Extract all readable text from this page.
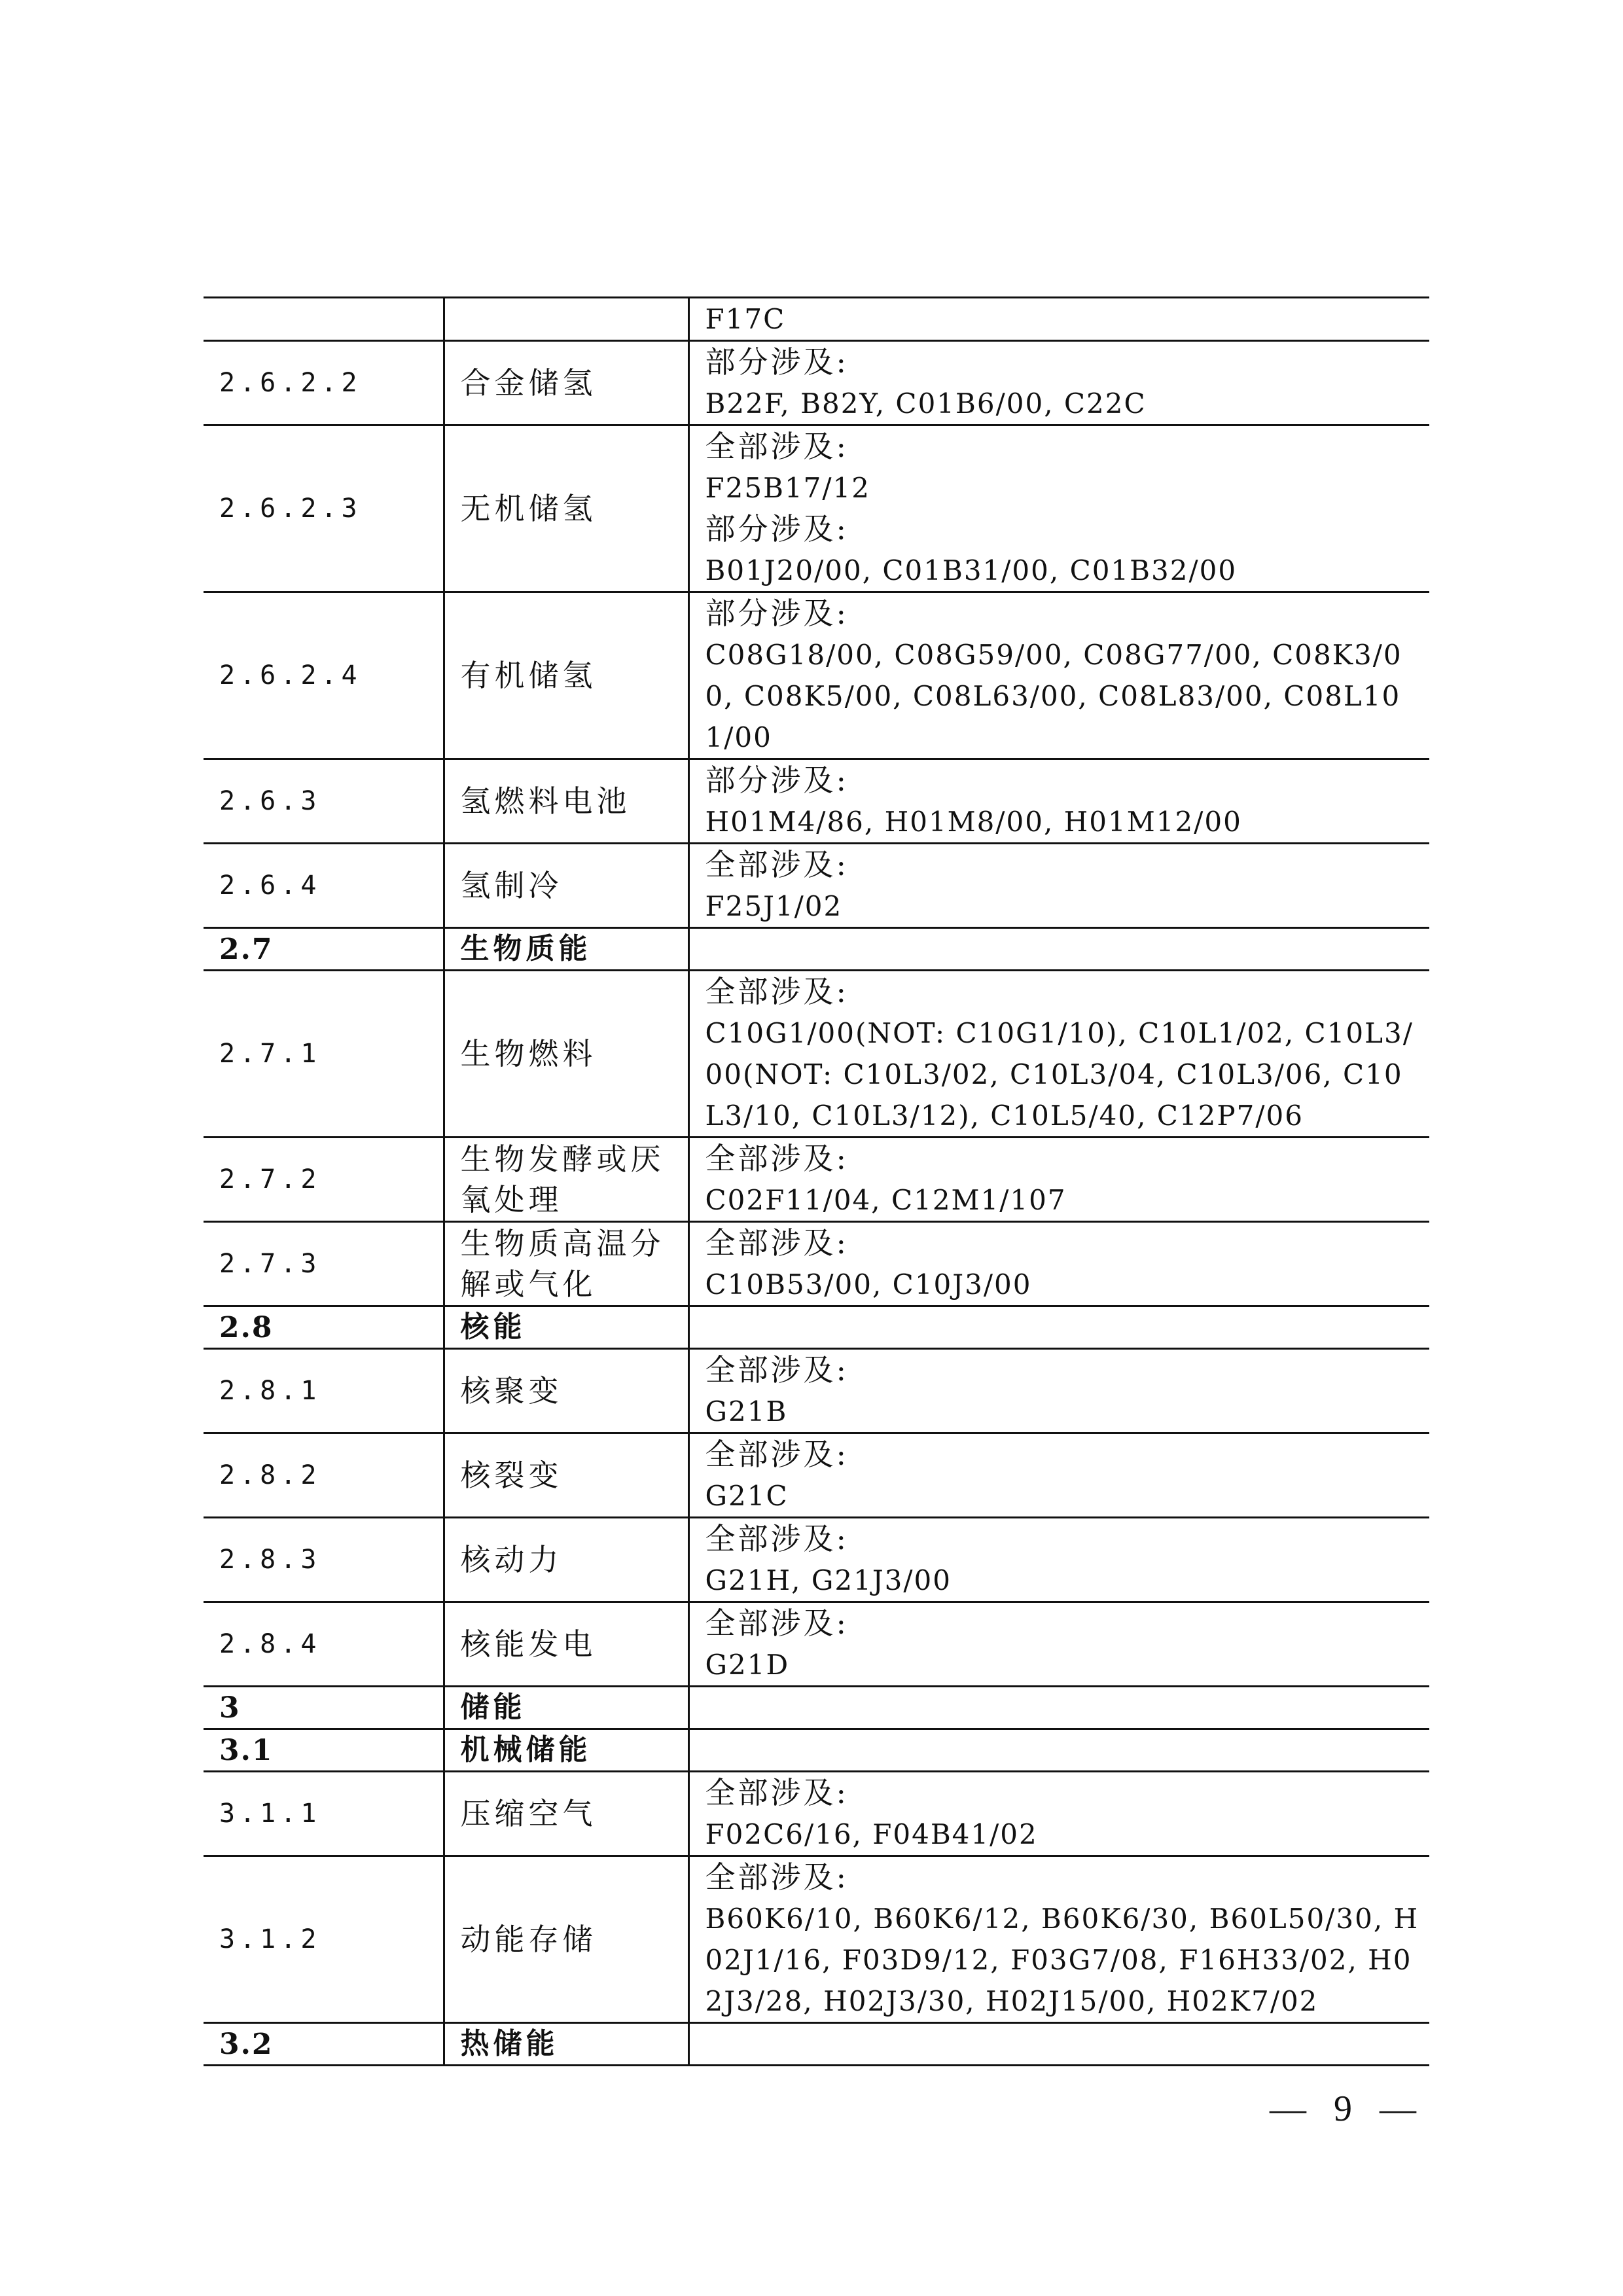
		F17C

2.6.2.2	合金储氢	部分涉及:
B22F, B82Y, C01B6/00, C22C

2.6.2.3	无机储氢	全部涉及:
F25B17/12
部分涉及:
B01J20/00, C01B31/00, C01B32/00

2.6.2.4	有机储氢	部分涉及:
C08G18/00, C08G59/00, C08G77/00, C08K3/00, C08K5/00, C08L63/00, C08L83/00, C08L101/00

2.6.3	氢燃料电池	部分涉及:
H01M4/86, H01M8/00, H01M12/00

2.6.4	氢制冷	全部涉及:
F25J1/02

2.7	生物质能	
2.7.1	生物燃料	全部涉及:
C10G1/00(NOT: C10G1/10), C10L1/02, C10L3/00(NOT: C10L3/02, C10L3/04, C10L3/06, C10L3/10, C10L3/12), C10L5/40, C12P7/06

2.7.2	生物发酵或厌氧处理	全部涉及:
C02F11/04, C12M1/107

2.7.3	生物质高温分解或气化	全部涉及:
C10B53/00, C10J3/00

2.8	核能	
2.8.1	核聚变	全部涉及:
G21B

2.8.2	核裂变	全部涉及:
G21C

2.8.3	核动力	全部涉及:
G21H, G21J3/00

2.8.4	核能发电	全部涉及:
G21D

3	储能	
3.1	机械储能	
3.1.1	压缩空气	全部涉及:
F02C6/16, F04B41/02

3.1.2	动能存储	全部涉及:
B60K6/10, B60K6/12, B60K6/30, B60L50/30, H02J1/16, F03D9/12, F03G7/08, F16H33/02, H02J3/28, H02J3/30, H02J15/00, H02K7/02

3.2	热储能	
— 9 —
